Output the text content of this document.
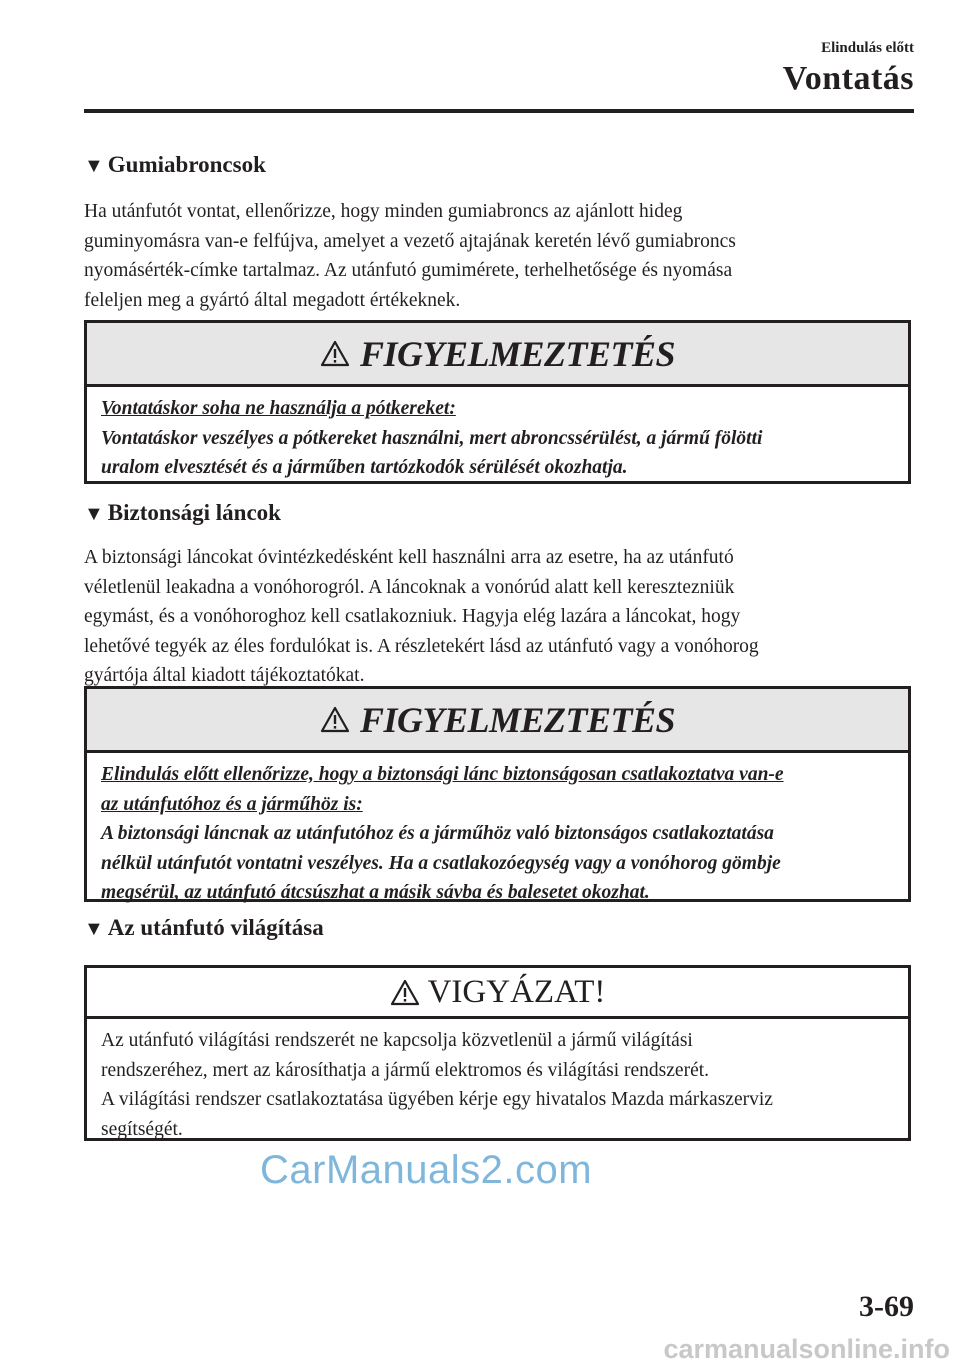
Elindulás előtt
Vontatás
▼ Gumiabroncsok
Ha utánfutót vontat, ellenőrizze, hogy minden gumiabroncs az ajánlott hideg
guminyomásra van-e felfújva, amelyet a vezető ajtajának keretén lévő gumiabroncs
nyomásérték-címke tartalmaz. Az utánfutó gumimérete, terhelhetősége és nyomása
feleljen meg a gyártó által megadott értékeknek.
FIGYELMEZTETÉS
Vontatáskor soha ne használja a pótkereket:
Vontatáskor veszélyes a pótkereket használni, mert abroncssérülést, a jármű fölötti
uralom elvesztését és a járműben tartózkodók sérülését okozhatja.
▼ Biztonsági láncok
A biztonsági láncokat óvintézkedésként kell használni arra az esetre, ha az utánfutó
véletlenül leakadna a vonóhorogról. A láncoknak a vonórúd alatt kell keresztezniük
egymást, és a vonóhoroghoz kell csatlakozniuk. Hagyja elég lazára a láncokat, hogy
lehetővé tegyék az éles fordulókat is. A részletekért lásd az utánfutó vagy a vonóhorog
gyártója által kiadott tájékoztatókat.
FIGYELMEZTETÉS
Elindulás előtt ellenőrizze, hogy a biztonsági lánc biztonságosan csatlakoztatva van-e
az utánfutóhoz és a járműhöz is:
A biztonsági láncnak az utánfutóhoz és a járműhöz való biztonságos csatlakoztatása
nélkül utánfutót vontatni veszélyes. Ha a csatlakozóegység vagy a vonóhorog gömbje
megsérül, az utánfutó átcsúszhat a másik sávba és balesetet okozhat.
▼ Az utánfutó világítása
VIGYÁZAT!
Az utánfutó világítási rendszerét ne kapcsolja közvetlenül a jármű világítási
rendszeréhez, mert az károsíthatja a jármű elektromos és világítási rendszerét.
A világítási rendszer csatlakoztatása ügyében kérje egy hivatalos Mazda márkaszerviz
segítségét.
CarManuals2.com
3-69
carmanualsonline.info
